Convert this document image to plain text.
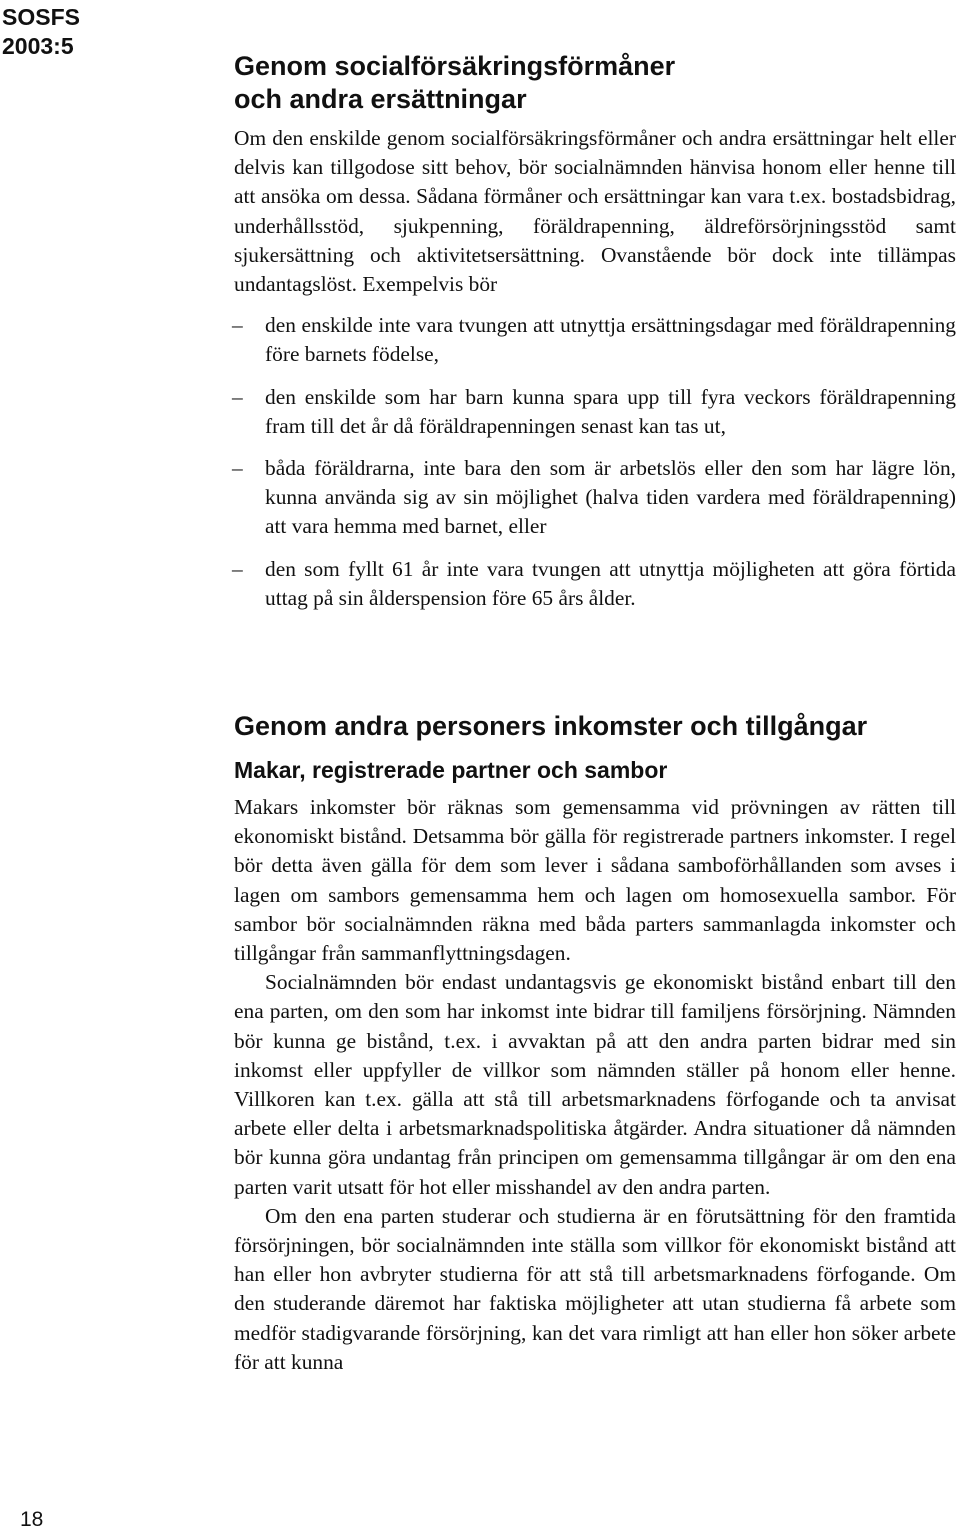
SOSFS
2003:5
Genom socialförsäkringsförmåner
och andra ersättningar

Om den enskilde genom socialförsäkringsförmåner och andra ersättningar helt eller delvis kan tillgodose sitt behov, bör socialnämnden hänvisa honom eller henne till att ansöka om dessa. Sådana förmåner och ersättningar kan vara t.ex. bostadsbidrag, underhållsstöd, sjukpenning, föräldrapenning, äldreförsörjningsstöd samt sjukersättning och aktivitetsersättning. Ovanstående bör dock inte tillämpas undantagslöst. Exempelvis bör

– den enskilde inte vara tvungen att utnyttja ersättningsdagar med föräldrapenning före barnets födelse,
– den enskilde som har barn kunna spara upp till fyra veckors föräldrapenning fram till det år då föräldrapenningen senast kan tas ut,
– båda föräldrarna, inte bara den som är arbetslös eller den som har lägre lön, kunna använda sig av sin möjlighet (halva tiden vardera med föräldrapenning) att vara hemma med barnet, eller
– den som fyllt 61 år inte vara tvungen att utnyttja möjligheten att göra förtida uttag på sin ålderspension före 65 års ålder.
Genom andra personers inkomster och tillgångar
Makar, registrerade partner och sambor

Makars inkomster bör räknas som gemensamma vid prövningen av rätten till ekonomiskt bistånd. Detsamma bör gälla för registrerade partners inkomster. I regel bör detta även gälla för dem som lever i sådana samboförhållanden som avses i lagen om sambors gemensamma hem och lagen om homosexuella sambor. För sambor bör socialnämnden räkna med båda parters sammanlagda inkomster och tillgångar från sammanflyttningsdagen.

Socialnämnden bör endast undantagsvis ge ekonomiskt bistånd enbart till den ena parten, om den som har inkomst inte bidrar till familjens försörjning. Nämnden bör kunna ge bistånd, t.ex. i avvaktan på att den andra parten bidrar med sin inkomst eller uppfyller de villkor som nämnden ställer på honom eller henne. Villkoren kan t.ex. gälla att stå till arbetsmarknadens förfogande och ta anvisat arbete eller delta i arbetsmarknadspolitiska åtgärder. Andra situationer då nämnden bör kunna göra undantag från principen om gemensamma tillgångar är om den ena parten varit utsatt för hot eller misshandel av den andra parten.

Om den ena parten studerar och studierna är en förutsättning för den framtida försörjningen, bör socialnämnden inte ställa som villkor för ekonomiskt bistånd att han eller hon avbryter studierna för att stå till arbetsmarknadens förfogande. Om den studerande däremot har faktiska möjligheter att utan studierna få arbete som medför stadigvarande försörjning, kan det vara rimligt att han eller hon söker arbete för att kunna

18
